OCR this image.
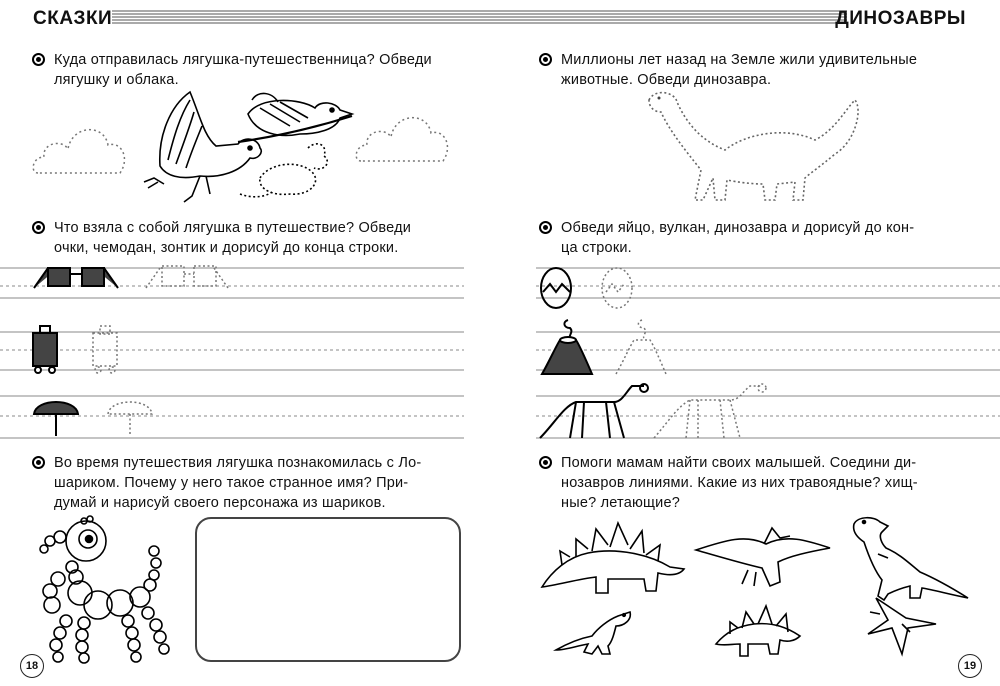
СКАЗКИ	ДИНОЗАВРЫ

Куда отправилась лягушка-путешественница? Обведи

лягушку и облака.

Что взяла с собой лягушка в путешествие? Обведи

очки, чемодан, зонтик и дорисуй до конца строки.

Во время путешествия лягушка познакомилась с Ло-

шариком. Почему у него такое странное имя? При-

думай и нарисуй своего персонажа из шариков.

Миллионы лет назад на Земле жили удивительные

животные. Обведи динозавра.

Обведи яйцо, вулкан, динозавра и дорисуй до кон-

ца строки.

Помоги мамам найти своих малышей. Соедини ди-

нозавров линиями. Какие из них травоядные? хищ-

ные? летающие?

18	19
